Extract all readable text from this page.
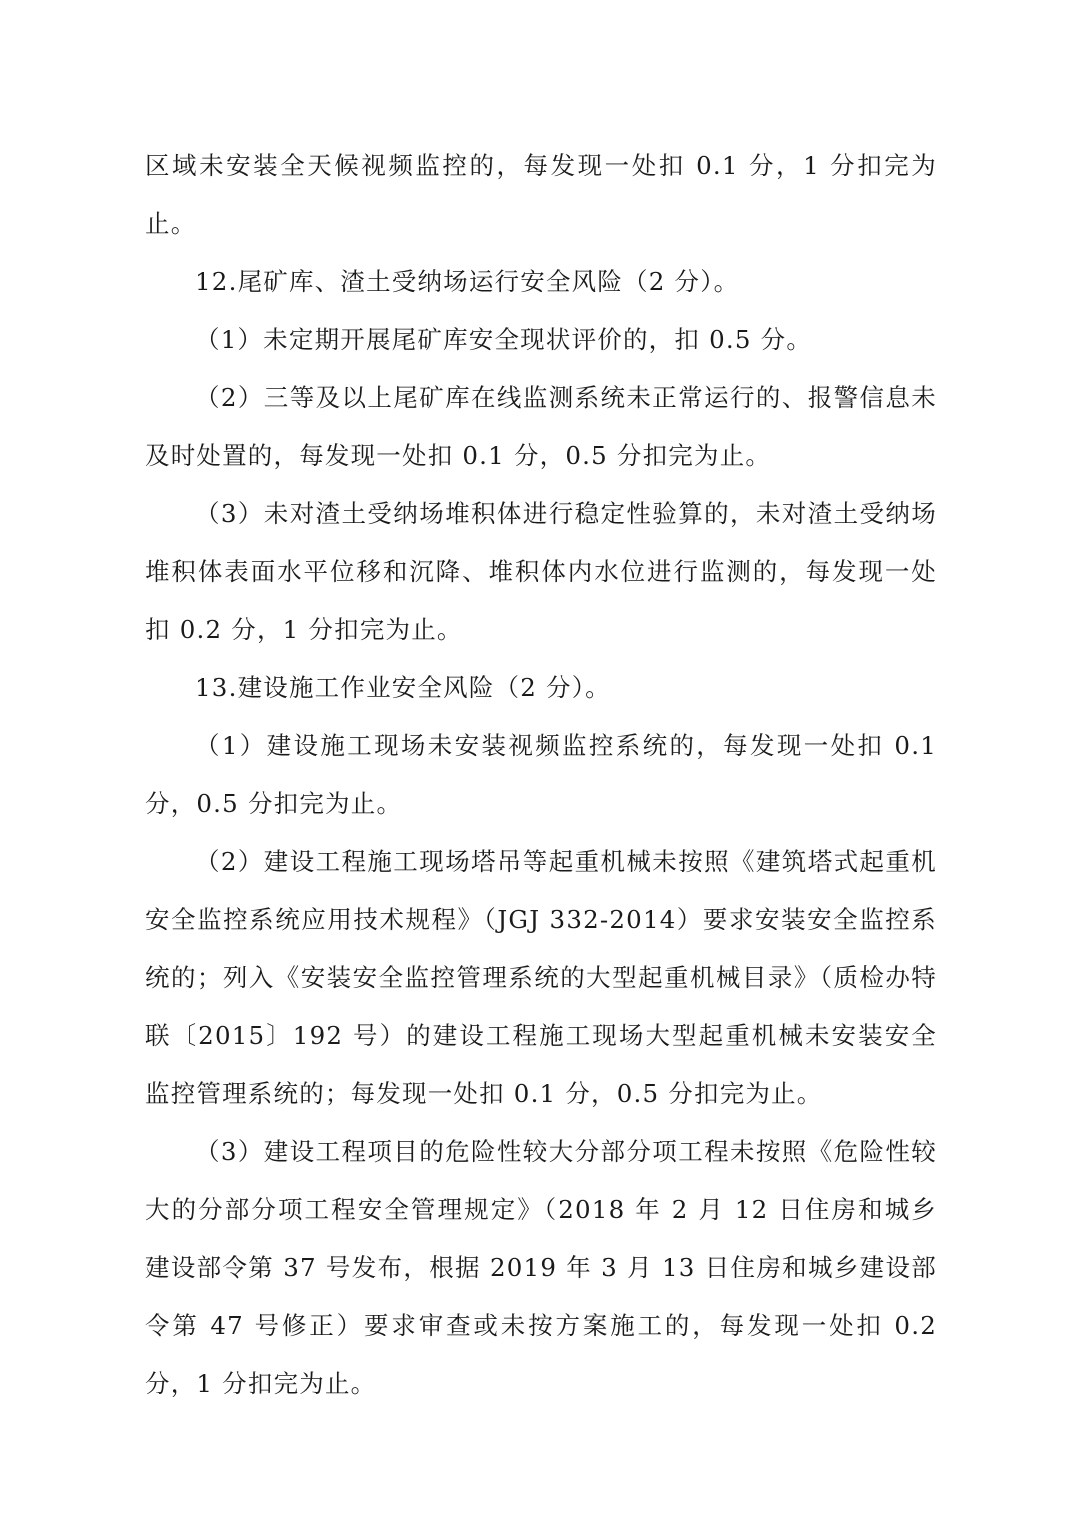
区域未安装全天候视频监控的，每发现一处扣 0.1 分，1 分扣完为止。

12.尾矿库、渣土受纳场运行安全风险（2 分）。

（1）未定期开展尾矿库安全现状评价的，扣 0.5 分。

（2）三等及以上尾矿库在线监测系统未正常运行的、报警信息未及时处置的，每发现一处扣 0.1 分，0.5 分扣完为止。

（3）未对渣土受纳场堆积体进行稳定性验算的，未对渣土受纳场堆积体表面水平位移和沉降、堆积体内水位进行监测的，每发现一处扣 0.2 分，1 分扣完为止。

13.建设施工作业安全风险（2 分）。

（1）建设施工现场未安装视频监控系统的，每发现一处扣 0.1 分，0.5 分扣完为止。

（2）建设工程施工现场塔吊等起重机械未按照《建筑塔式起重机安全监控系统应用技术规程》（JGJ 332-2014）要求安装安全监控系统的；列入《安装安全监控管理系统的大型起重机械目录》（质检办特联〔2015〕192 号）的建设工程施工现场大型起重机械未安装安全监控管理系统的；每发现一处扣 0.1 分，0.5 分扣完为止。

（3）建设工程项目的危险性较大分部分项工程未按照《危险性较大的分部分项工程安全管理规定》（2018 年 2 月 12 日住房和城乡建设部令第 37 号发布，根据 2019 年 3 月 13 日住房和城乡建设部令第 47 号修正）要求审查或未按方案施工的，每发现一处扣 0.2 分，1 分扣完为止。
